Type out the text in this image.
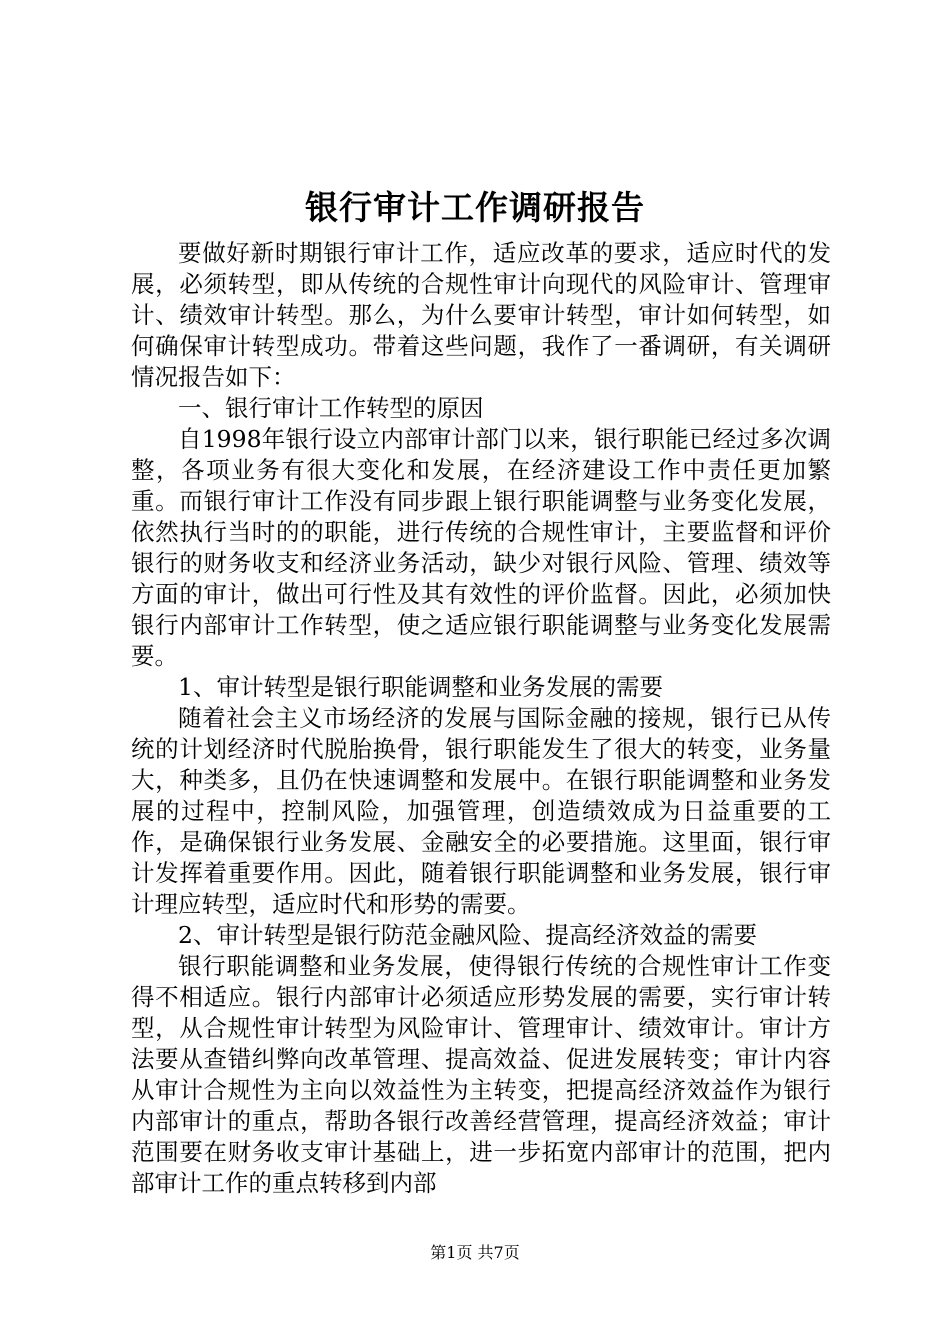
银行审计工作调研报告

要做好新时期银行审计工作，适应改革的要求，适应时代的发展，必须转型，即从传统的合规性审计向现代的风险审计、管理审计、绩效审计转型。那么，为什么要审计转型，审计如何转型，如何确保审计转型成功。带着这些问题，我作了一番调研，有关调研情况报告如下：

一、银行审计工作转型的原因

自1998年银行设立内部审计部门以来，银行职能已经过多次调整，各项业务有很大变化和发展，在经济建设工作中责任更加繁重。而银行审计工作没有同步跟上银行职能调整与业务变化发展，依然执行当时的的职能，进行传统的合规性审计，主要监督和评价银行的财务收支和经济业务活动，缺少对银行风险、管理、绩效等方面的审计，做出可行性及其有效性的评价监督。因此，必须加快银行内部审计工作转型，使之适应银行职能调整与业务变化发展需要。

1、审计转型是银行职能调整和业务发展的需要

随着社会主义市场经济的发展与国际金融的接规，银行已从传统的计划经济时代脱胎换骨，银行职能发生了很大的转变，业务量大，种类多，且仍在快速调整和发展中。在银行职能调整和业务发展的过程中，控制风险，加强管理，创造绩效成为日益重要的工作，是确保银行业务发展、金融安全的必要措施。这里面，银行审计发挥着重要作用。因此，随着银行职能调整和业务发展，银行审计理应转型，适应时代和形势的需要。

2、审计转型是银行防范金融风险、提高经济效益的需要

银行职能调整和业务发展，使得银行传统的合规性审计工作变得不相适应。银行内部审计必须适应形势发展的需要，实行审计转型，从合规性审计转型为风险审计、管理审计、绩效审计。审计方法要从查错纠弊向改革管理、提高效益、促进发展转变；审计内容从审计合规性为主向以效益性为主转变，把提高经济效益作为银行内部审计的重点，帮助各银行改善经营管理，提高经济效益；审计范围要在财务收支审计基础上，进一步拓宽内部审计的范围，把内部审计工作的重点转移到内部

第1页 共7页
